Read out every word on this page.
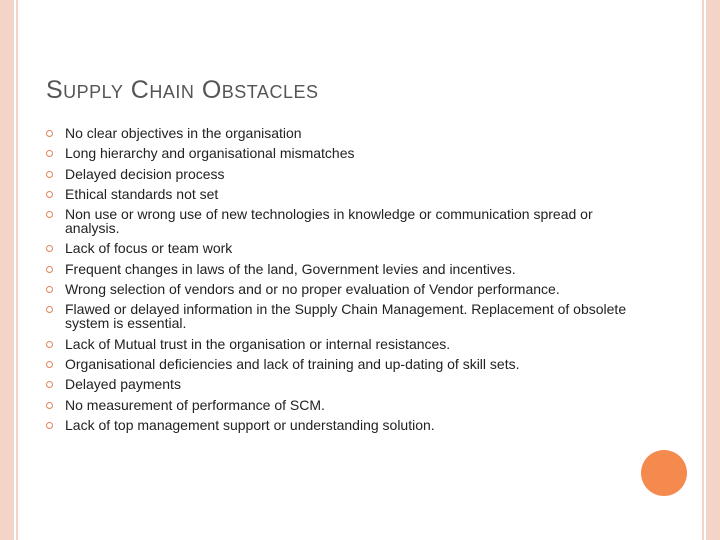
Supply Chain Obstacles
No clear objectives in the organisation
Long hierarchy and organisational mismatches
Delayed decision process
Ethical standards not set
Non use or wrong use of new technologies in knowledge or communication spread or analysis.
Lack of focus or team work
Frequent changes in laws of the land, Government levies and incentives.
Wrong selection of vendors and or no proper evaluation of Vendor performance.
Flawed or delayed information in the Supply Chain Management. Replacement of obsolete system is essential.
Lack of Mutual trust in the organisation or internal resistances.
Organisational deficiencies and lack of training and up-dating of skill sets.
Delayed payments
No measurement of performance of SCM.
Lack of top management support or understanding solution.
